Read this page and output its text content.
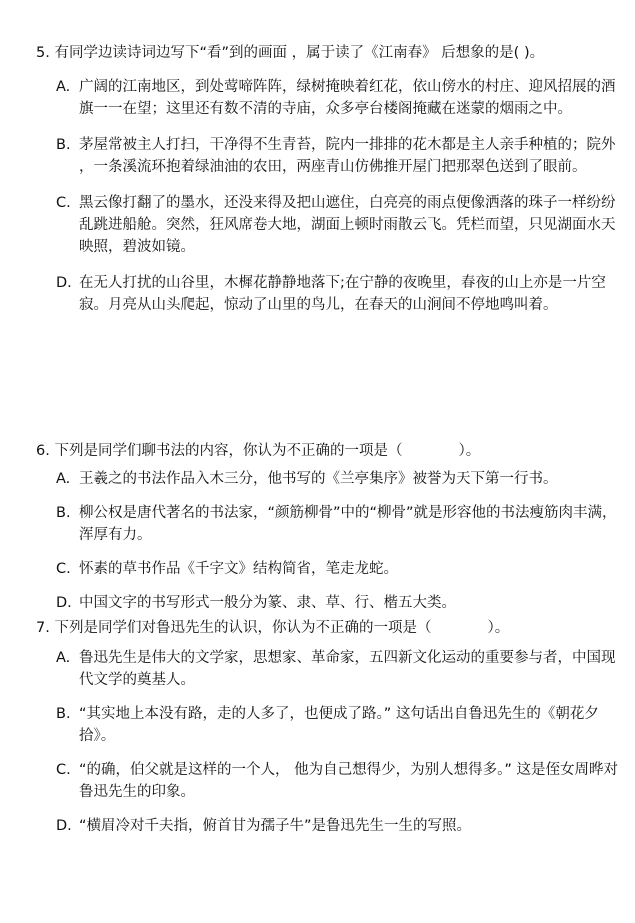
5. 有同学边读诗词边写下“看”到的画面 ，属于读了《江南春》 后想象的是( )。

A. 广阔的江南地区，到处莺啼阵阵，绿树掩映着红花，依山傍水的村庄、迎风招展的酒旗一一在望；这里还有数不清的寺庙，众多亭台楼阁掩藏在迷蒙的烟雨之中。

B. 茅屋常被主人打扫，干净得不生青苔，院内一排排的花木都是主人亲手种植的；院外 ，一条溪流环抱着绿油油的农田，两座青山仿佛推开屋门把那翠色送到了眼前。

C. 黑云像打翻了的墨水，还没来得及把山遮住，白亮亮的雨点便像洒落的珠子一样纷纷乱跳进船舱。突然，狂风席卷大地，湖面上顿时雨散云飞。凭栏而望，只见湖面水天映照，碧波如镜。

D. 在无人打扰的山谷里，木樨花静静地落下;在宁静的夜晚里，春夜的山上亦是一片空寂。月亮从山头爬起，惊动了山里的鸟儿，在春天的山涧间不停地鸣叫着。

6. 下列是同学们聊书法的内容，你认为不正确的一项是（	）。

A. 王羲之的书法作品入木三分，他书写的《兰亭集序》被誉为天下第一行书。

B. 柳公权是唐代著名的书法家，“颜筋柳骨”中的“柳骨”就是形容他的书法瘦筋肉丰满，浑厚有力。

C. 怀素的草书作品《千字文》结构简省，笔走龙蛇。

D. 中国文字的书写形式一般分为篆、隶、草、行、楷五大类。

7. 下列是同学们对鲁迅先生的认识，你认为不正确的一项是（	）。

A. 鲁迅先生是伟大的文学家，思想家、革命家，五四新文化运动的重要参与者，中国现代文学的奠基人。

B. “其实地上本没有路，走的人多了，也便成了路。” 这句话出自鲁迅先生的《朝花夕拾》。

C. “的确，伯父就是这样的一个人， 他为自己想得少，为别人想得多。” 这是侄女周晔对鲁迅先生的印象。

D. “横眉冷对千夫指，俯首甘为孺子牛”是鲁迅先生一生的写照。
